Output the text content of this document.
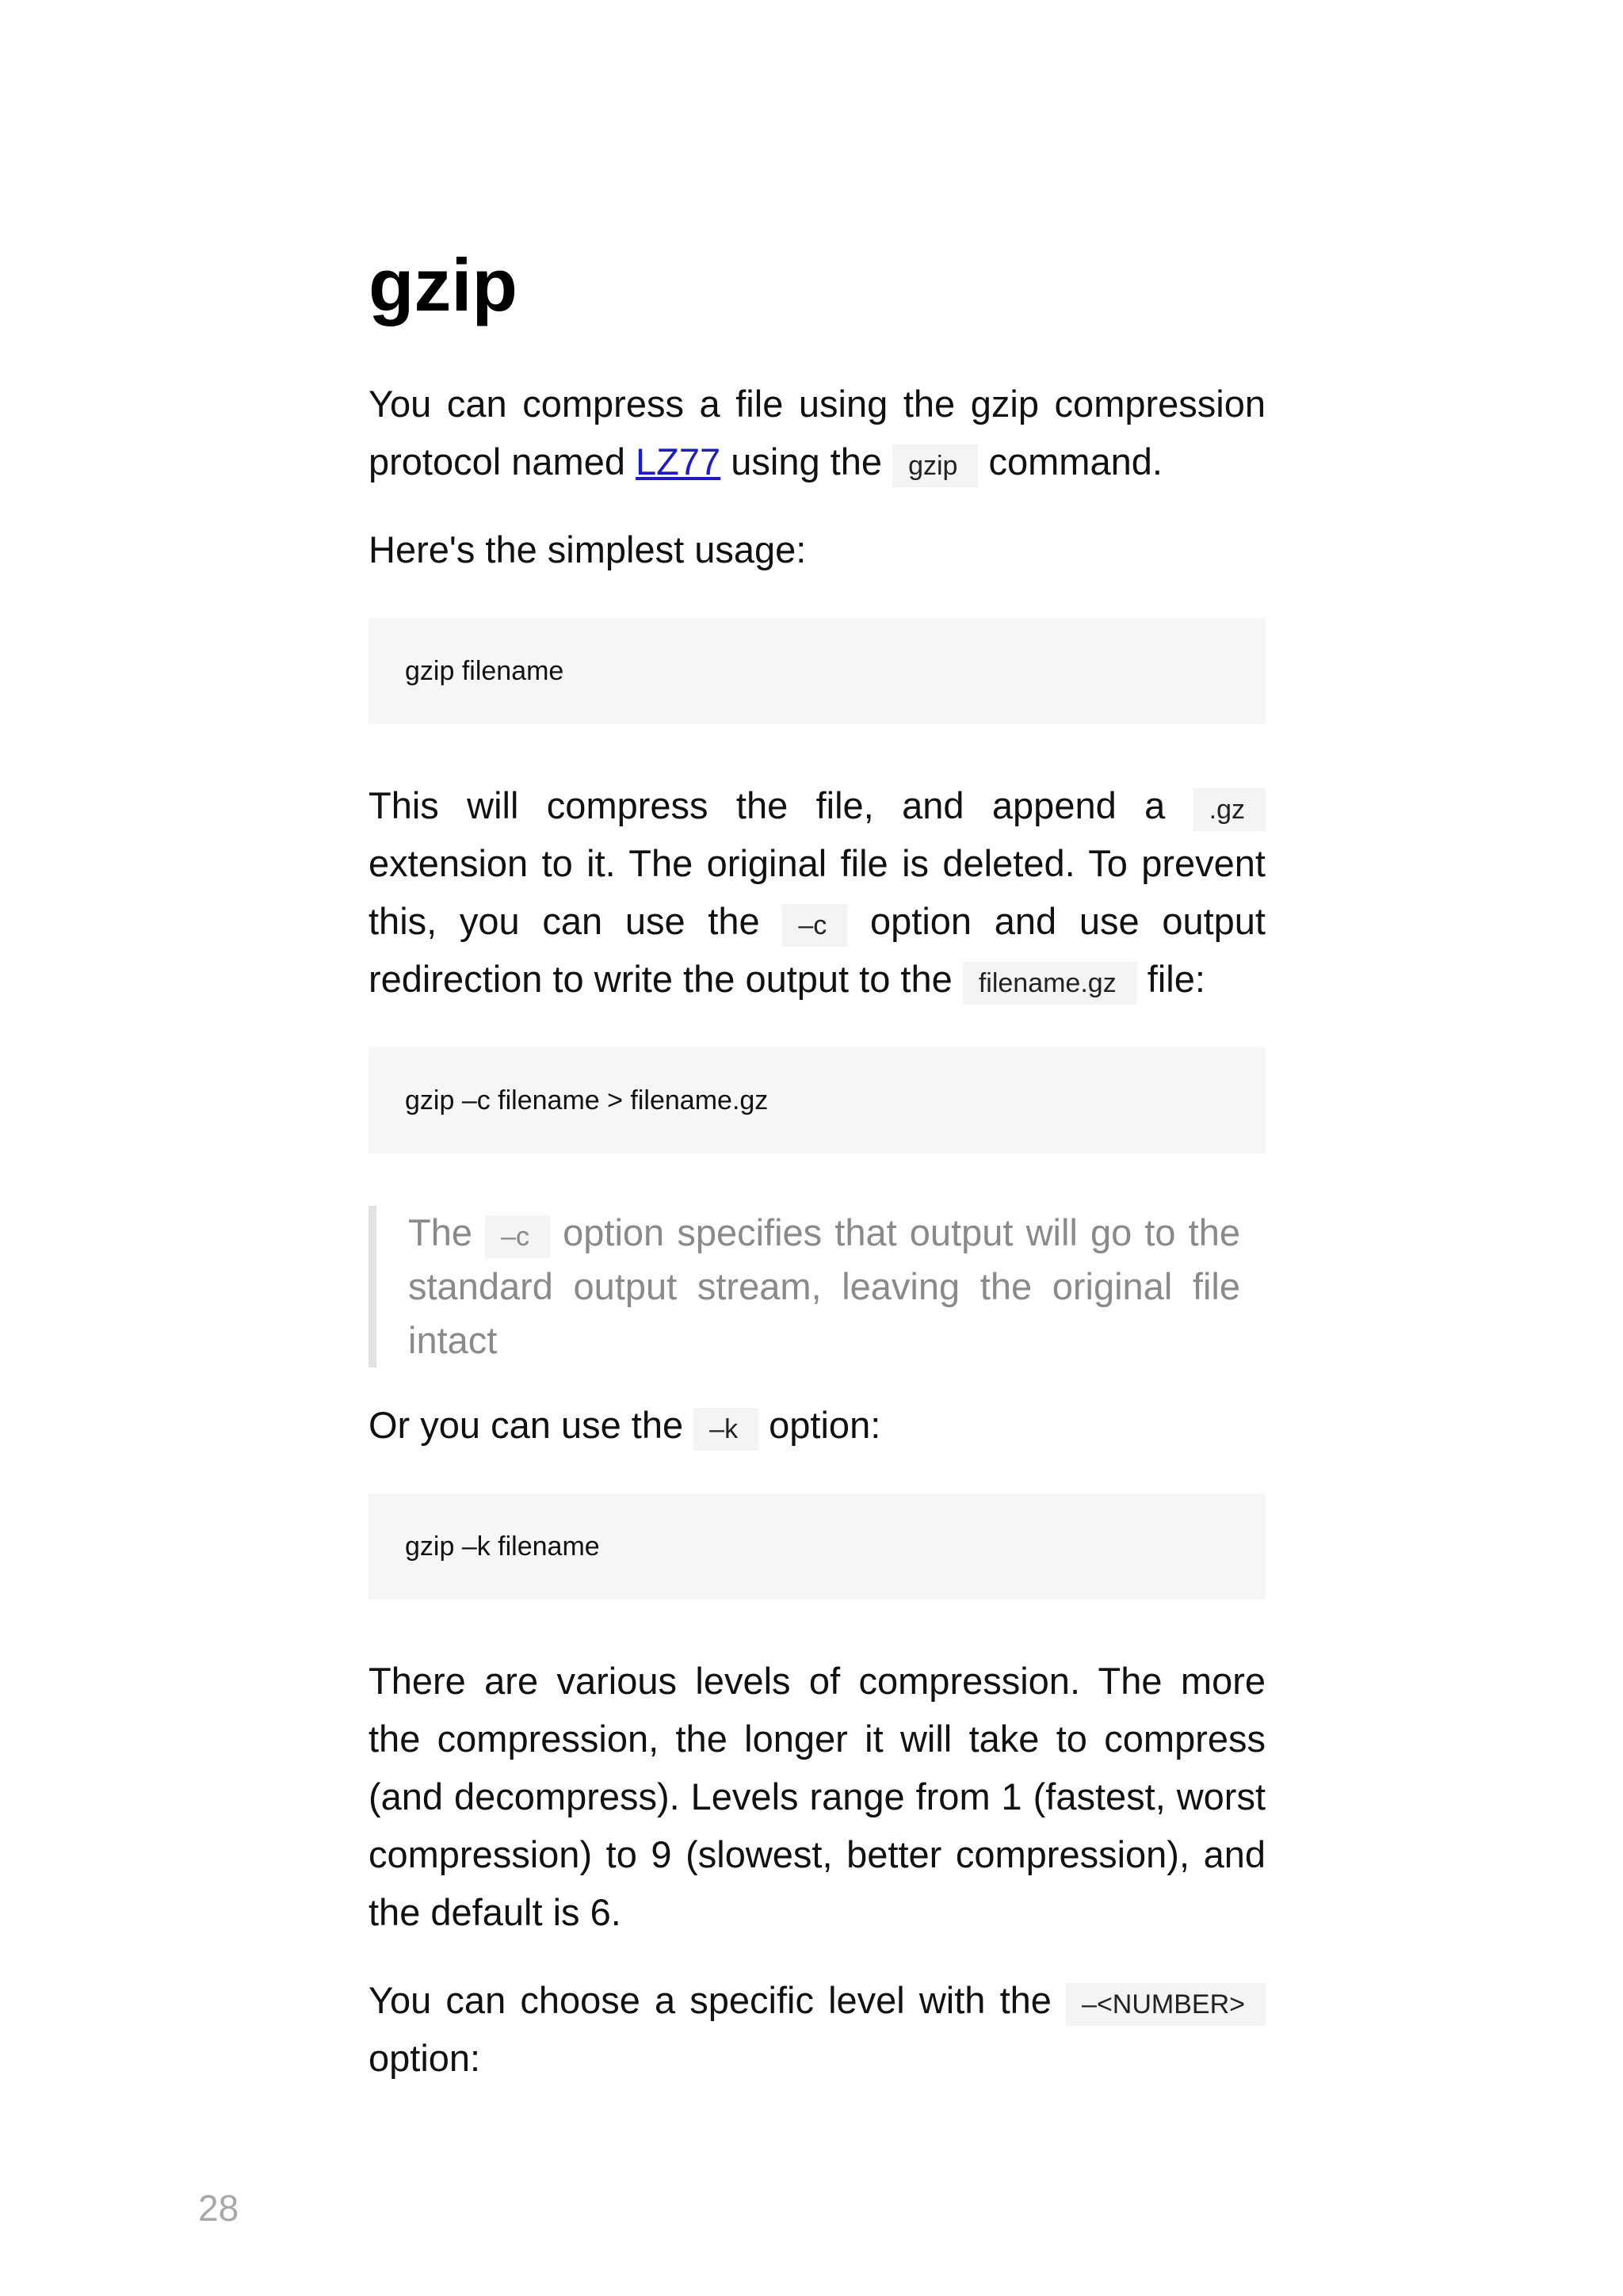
gzip

You can compress a file using the gzip compression protocol named LZ77 using the gzip command.

Here's the simplest usage:

gzip filename

This will compress the file, and append a .gz extension to it. The original file is deleted. To prevent this, you can use the –c option and use output redirection to write the output to the filename.gz file:

gzip –c filename > filename.gz

The –c option specifies that output will go to the standard output stream, leaving the original file intact

Or you can use the –k option:

gzip –k filename

There are various levels of compression. The more the compression, the longer it will take to compress (and decompress). Levels range from 1 (fastest, worst compression) to 9 (slowest, better compression), and the default is 6.

You can choose a specific level with the –<NUMBER> option:

28
